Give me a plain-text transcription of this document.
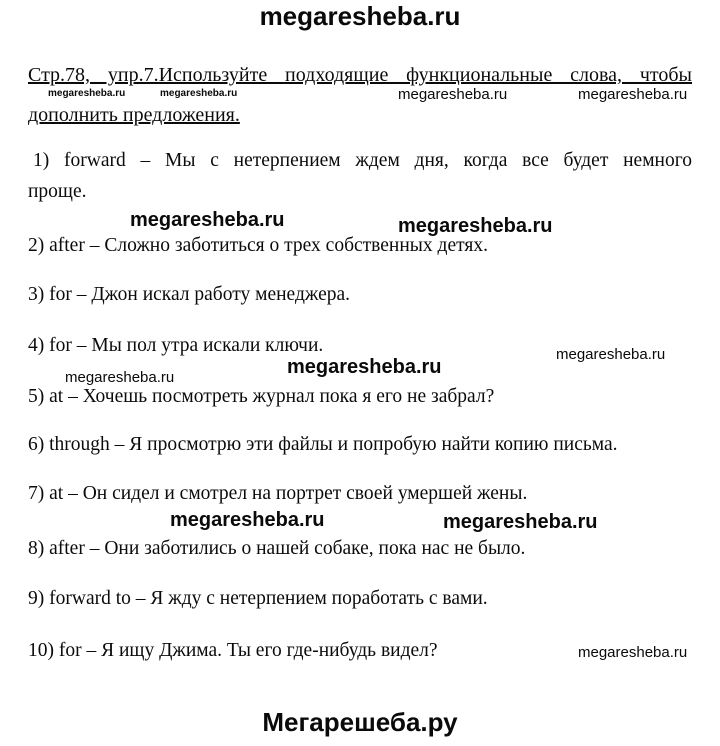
megaresheba.ru
Стр.78, упр.7.Используйте подходящие функциональные слова, чтобы
дополнить предложения.
megaresheba.ru	megaresheba.ru	megaresheba.ru	megaresheba.ru
1) forward – Мы с нетерпением ждем дня, когда все будет немного
проще.
megaresheba.ru	megaresheba.ru
2) after – Сложно заботиться о трех собственных детях.
3) for – Джон искал работу менеджера.
4) for – Мы пол утра искали ключи.	megaresheba.ru
megaresheba.ru
megaresheba.ru
5) at – Хочешь посмотреть журнал пока я его не забрал?
6) through – Я просмотрю эти файлы и попробую найти копию письма.
7) at – Он сидел и смотрел на портрет своей умершей жены.
megaresheba.ru	megaresheba.ru
8) after – Они заботились о нашей собаке, пока нас не было.
9) forward to – Я жду с нетерпением поработать с вами.
10) for – Я ищу Джима. Ты его где-нибудь видел?	megaresheba.ru
Мегарешеба.ру
